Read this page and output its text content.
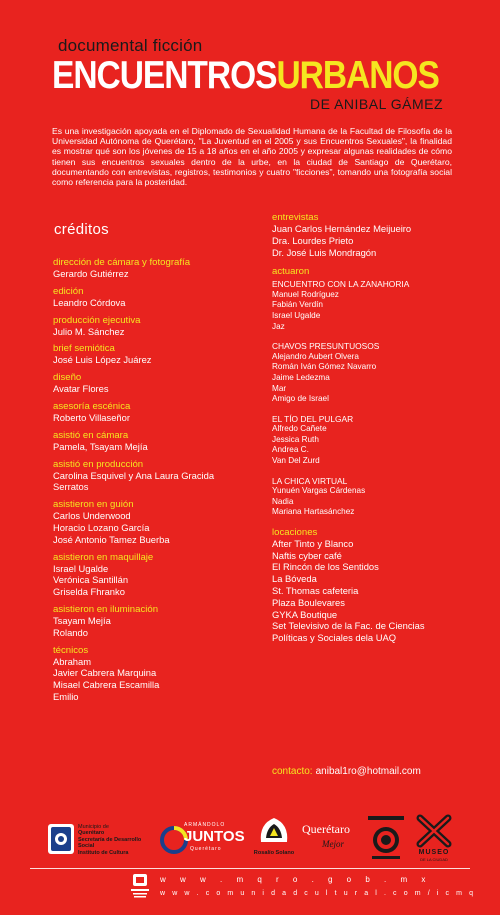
documental ficción
ENCUENTROSURBANOS
DE ANIBAL GÁMEZ
Es una investigación apoyada en el Diplomado de Sexualidad Humana de la Facultad de Filosofía de la Universidad Autónoma de Querétaro, "La Juventud en el 2005 y sus Encuentros Sexuales", la finalidad es mostrar qué son los jóvenes de 15 a 18 años en el año 2005 y expresar algunas realidades de cómo tienen sus encuentros sexuales dentro de la urbe, en la ciudad de Santiago de Querétaro, documentando con entrevistas, registros, testimonios y cuatro "ficciones", tomando una fotografía social como referencia para la posteridad.
créditos
dirección de cámara y fotografía
Gerardo Gutiérrez
edición
Leandro Córdova
producción ejecutiva
Julio M. Sánchez
brief semiótica
José Luis López Juárez
diseño
Avatar Flores
asesoría escénica
Roberto Villaseñor
asistió en cámara
Pamela, Tsayam Mejía
asistió en producción
Carolina Esquivel y Ana Laura Gracida
Serratos
asistieron en guión
Carlos Underwood
Horacio Lozano García
José Antonio Tamez Buerba
asistieron en maquillaje
Israel Ugalde
Verónica Santillán
Griselda Fhranko
asistieron en iluminación
Tsayam Mejía
Rolando
técnicos
Abraham
Javier Cabrera Marquina
Misael Cabrera Escamilla
Emilio
entrevistas
Juan Carlos Hernández Meijueiro
Dra. Lourdes Prieto
Dr. José Luis Mondragón
actuaron
ENCUENTRO CON LA ZANAHORIA
Manuel Rodríguez
Fabián Verdín
Israel Ugalde
Jaz
CHAVOS PRESUNTUOSOS
Alejandro Aubert Olvera
Román Iván Gómez Navarro
Jaime Ledezma
Mar
Amigo de Israel
EL TÍO DEL PULGAR
Alfredo Cañete
Jessica Ruth
Andrea C.
Van Del Zurd
LA CHICA VIRTUAL
Yunuén Vargas Cárdenas
Nadia
Mariana Hartasánchez
locaciones
After Tinto y Blanco
Naftis cyber café
El Rincón de los Sentidos
La Bóveda
St. Thomas cafeteria
Plaza Boulevares
GYKA Boutique
Set Televisivo de la Fac. de Ciencias
Políticas y Sociales dela UAQ
contacto: anibal1ro@hotmail.com
Municipio de
Querétaro
Secretaría de Desarrollo Social
Instituto de Cultura
ARMÁNDOLO
JUNTOS
Querétaro
Rosalío Solano
Querétaro
Mejor
MUSEO
DE LA CIUDAD
w w w . m q r o . g o b . m x
w w w . c o m u n i d a d c u l t u r a l . c o m / i c m q
